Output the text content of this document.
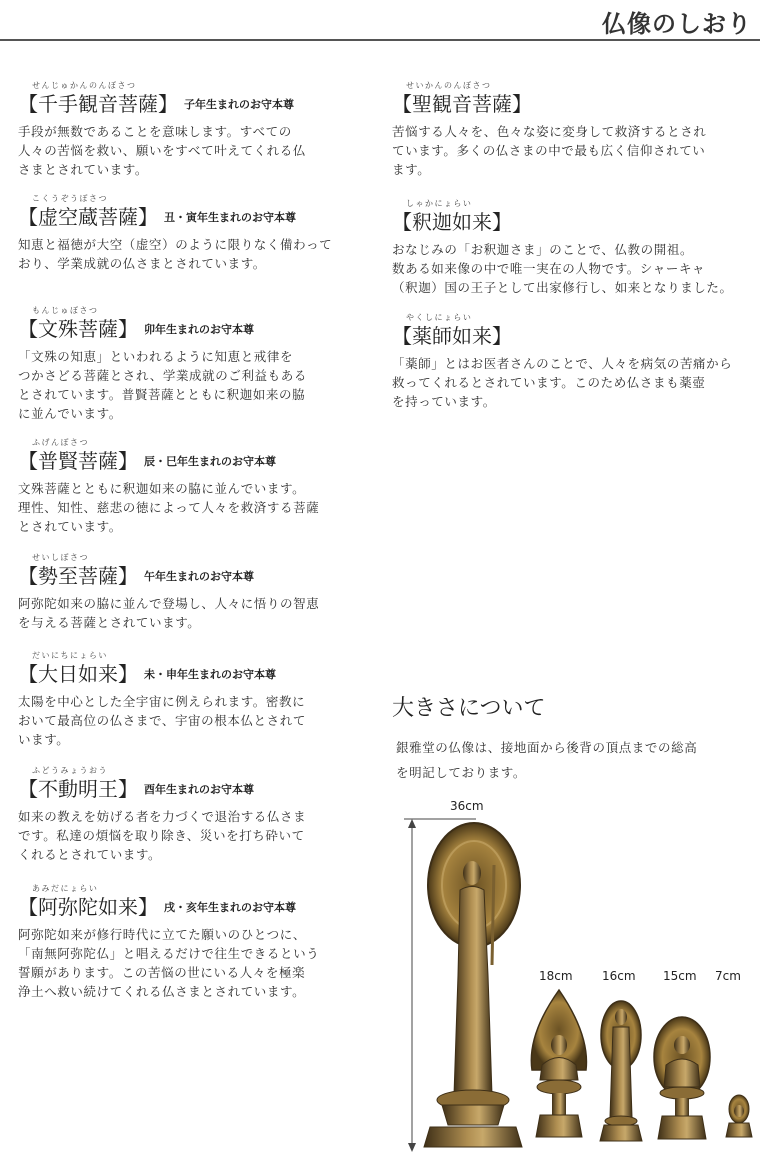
仏像のしおり
せんじゅかんのんぼさつ
【千手観音菩薩】 $^{子年生まれのお守本尊}$
手段が無数であることを意味します。すべての
人々の苦悩を救い、願いをすべて叶えてくれる仏
さまとされています。
こくうぞうぼさつ
【虚空蔵菩薩】 $^{丑・寅年生まれのお守本尊}$
知恵と福徳が大空（虚空）のように限りなく備わって
おり、学業成就の仏さまとされています。
もんじゅぼさつ
【文殊菩薩】 $^{卯年生まれのお守本尊}$
「文殊の知恵」といわれるように知恵と戒律を
つかさどる菩薩とされ、学業成就のご利益もある
とされています。普賢菩薩とともに釈迦如来の脇
に並んでいます。
ふげんぼさつ
【普賢菩薩】 $^{辰・巳年生まれのお守本尊}$
文殊菩薩とともに釈迦如来の脇に並んでいます。
理性、知性、慈悲の徳によって人々を救済する菩薩
とされています。
せいしぼさつ
【勢至菩薩】 $^{午年生まれのお守本尊}$
阿弥陀如来の脇に並んで登場し、人々に悟りの智恵
を与える菩薩とされています。
だいにちにょらい
【大日如来】 $^{未・申年生まれのお守本尊}$
太陽を中心とした全宇宙に例えられます。密教に
おいて最高位の仏さまで、宇宙の根本仏とされて
います。
ふどうみょうおう
【不動明王】 $^{酉年生まれのお守本尊}$
如来の教えを妨げる者を力づくで退治する仏さま
です。私達の煩悩を取り除き、災いを打ち砕いて
くれるとされています。
あみだにょらい
【阿弥陀如来】 $^{戌・亥年生まれのお守本尊}$
阿弥陀如来が修行時代に立てた願いのひとつに、
「南無阿弥陀仏」と唱えるだけで往生できるという
誓願があります。この苦悩の世にいる人々を極楽
浄土へ救い続けてくれる仏さまとされています。
せいかんのんぼさつ
【聖観音菩薩】
苦悩する人々を、色々な姿に変身して救済するとされ
ています。多くの仏さまの中で最も広く信仰されてい
ます。
しゃかにょらい
【釈迦如来】
おなじみの「お釈迦さま」のことで、仏教の開祖。
数ある如来像の中で唯一実在の人物です。シャーキャ
（釈迦）国の王子として出家修行し、如来となりました。
やくしにょらい
【薬師如来】
「薬師」とはお医者さんのことで、人々を病気の苦痛から
救ってくれるとされています。このため仏さまも薬壺
を持っています。
大きさについて
銀雅堂の仏像は、接地面から後背の頂点までの総高
を明記しております。
36cm
18cm 16cm 15cm 7cm
